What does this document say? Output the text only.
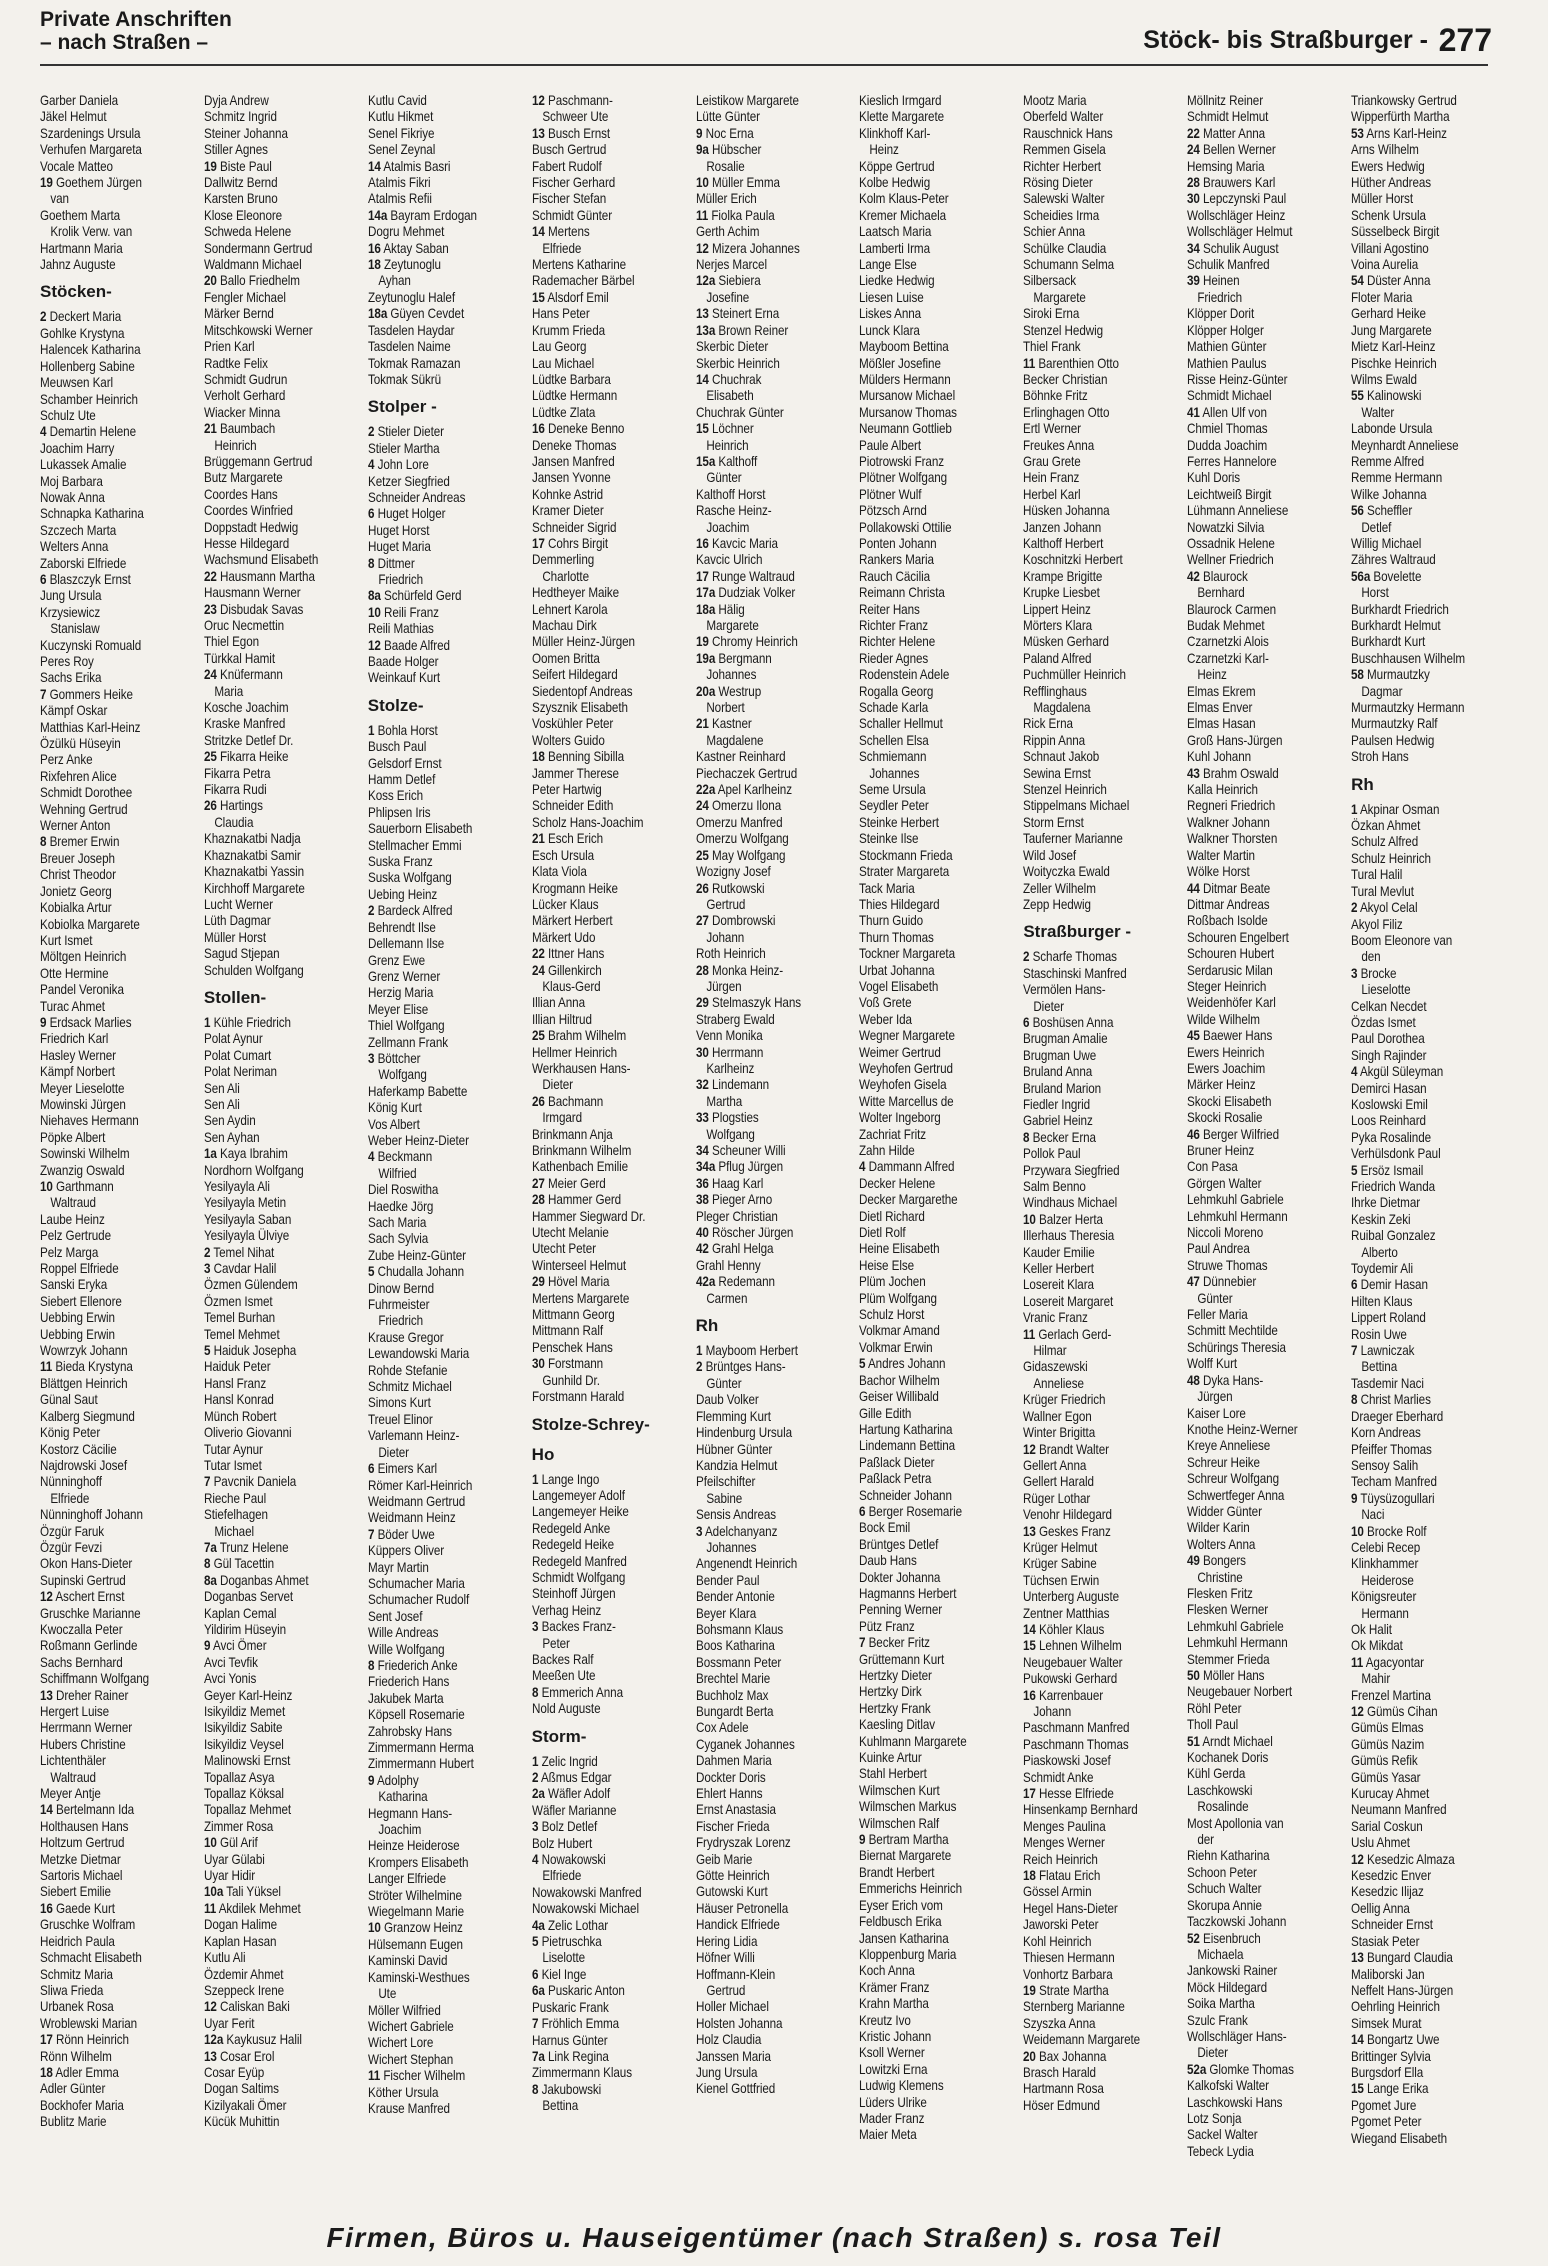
Private Anschriften
– nach Straßen –	Stöck- bis Straßburger - 277
Garber Daniela
Jäkel Helmut
Szardenings Ursula
Verhufen Margareta
Vocale Matteo
19 Goethem Jürgen
van
Goethem Marta
Krolik Verw. van
Hartmann Maria
Jahnz Auguste
Stöcken-
2 Deckert Maria
Gohlke Krystyna
Halencek Katharina
Hollenberg Sabine
Meuwsen Karl
Schamber Heinrich
Schulz Ute
4 Demartin Helene
Joachim Harry
Lukassek Amalie
Moj Barbara
Nowak Anna
Schnapka Katharina
Szczech Marta
Welters Anna
Zaborski Elfriede
6 Blaszczyk Ernst
Jung Ursula
Krzysiewicz
Stanislaw
Kuczynski Romuald
Peres Roy
Sachs Erika
7 Gommers Heike
Kämpf Oskar
Matthias Karl-Heinz
Özülkü Hüseyin
Perz Anke
Rixfehren Alice
Schmidt Dorothee
Wehning Gertrud
Werner Anton
8 Bremer Erwin
Breuer Joseph
Christ Theodor
Jonietz Georg
Kobialka Artur
Kobiolka Margarete
Kurt Ismet
Möltgen Heinrich
Otte Hermine
Pandel Veronika
Turac Ahmet
9 Erdsack Marlies
Friedrich Karl
Hasley Werner
Kämpf Norbert
Meyer Lieselotte
Mowinski Jürgen
Niehaves Hermann
Pöpke Albert
Sowinski Wilhelm
Zwanzig Oswald
10 Garthmann
Waltraud
Laube Heinz
Pelz Gertrude
Pelz Marga
Roppel Elfriede
Sanski Eryka
Siebert Ellenore
Uebbing Erwin
Uebbing Erwin
Wowrzyk Johann
11 Bieda Krystyna
Blättgen Heinrich
Günal Saut
Kalberg Siegmund
König Peter
Kostorz Cäcilie
Najdrowski Josef
Nünninghoff
Elfriede
Nünninghoff Johann
Özgür Faruk
Özgür Fevzi
Okon Hans-Dieter
Supinski Gertrud
12 Aschert Ernst
Gruschke Marianne
Kwoczalla Peter
Roßmann Gerlinde
Sachs Bernhard
Schiffmann Wolfgang
13 Dreher Rainer
Hergert Luise
Herrmann Werner
Hubers Christine
Lichtenthäler
Waltraud
Meyer Antje
14 Bertelmann Ida
Holthausen Hans
Holtzum Gertrud
Metzke Dietmar
Sartoris Michael
Siebert Emilie
16 Gaede Kurt
Gruschke Wolfram
Heidrich Paula
Schmacht Elisabeth
Schmitz Maria
Sliwa Frieda
Urbanek Rosa
Wroblewski Marian
17 Rönn Heinrich
Rönn Wilhelm
18 Adler Emma
Adler Günter
Bockhofer Maria
Bublitz Marie
Dyja Andrew
Schmitz Ingrid
Steiner Johanna
Stiller Agnes
19 Biste Paul
Dallwitz Bernd
Karsten Bruno
Klose Eleonore
Schweda Helene
Sondermann Gertrud
Waldmann Michael
20 Ballo Friedhelm
Fengler Michael
Märker Bernd
Mitschkowski Werner
Prien Karl
Radtke Felix
Schmidt Gudrun
Verholt Gerhard
Wiacker Minna
21 Baumbach
Heinrich
Brüggemann Gertrud
Butz Margarete
Coordes Hans
Coordes Winfried
Doppstadt Hedwig
Hesse Hildegard
Wachsmund Elisabeth
22 Hausmann Martha
Hausmann Werner
23 Disbudak Savas
Oruc Necmettin
Thiel Egon
Türkkal Hamit
24 Knüfermann
Maria
Kosche Joachim
Kraske Manfred
Stritzke Detlef Dr.
25 Fikarra Heike
Fikarra Petra
Fikarra Rudi
26 Hartings
Claudia
Khaznakatbi Nadja
Khaznakatbi Samir
Khaznakatbi Yassin
Kirchhoff Margarete
Lucht Werner
Lüth Dagmar
Müller Horst
Sagud Stjepan
Schulden Wolfgang
Stollen-
1 Kühle Friedrich
Polat Aynur
Polat Cumart
Polat Neriman
Sen Ali
Sen Ali
Sen Aydin
Sen Ayhan
1a Kaya Ibrahim
Nordhorn Wolfgang
Yesilyayla Ali
Yesilyayla Metin
Yesilyayla Saban
Yesilyayla Ülviye
2 Temel Nihat
3 Cavdar Halil
Özmen Gülendem
Özmen Ismet
Temel Burhan
Temel Mehmet
5 Haiduk Josepha
Haiduk Peter
Hansl Franz
Hansl Konrad
Münch Robert
Oliverio Giovanni
Tutar Aynur
Tutar Ismet
7 Pavcnik Daniela
Rieche Paul
Stiefelhagen
Michael
7a Trunz Helene
8 Gül Tacettin
8a Doganbas Ahmet
Doganbas Servet
Kaplan Cemal
Yildirim Hüseyin
9 Avci Ömer
Avci Tevfik
Avci Yonis
Geyer Karl-Heinz
Isikyildiz Memet
Isikyildiz Sabite
Isikyildiz Veysel
Malinowski Ernst
Topallaz Asya
Topallaz Köksal
Topallaz Mehmet
Zimmer Rosa
10 Gül Arif
Uyar Gülabi
Uyar Hidir
10a Tali Yüksel
11 Akdilek Mehmet
Dogan Halime
Kaplan Hasan
Kutlu Ali
Özdemir Ahmet
Szeppeck Irene
12 Caliskan Baki
Uyar Ferit
12a Kaykusuz Halil
13 Cosar Erol
Cosar Eyüp
Dogan Saltims
Kizilyakali Ömer
Kücük Muhittin
Kutlu Cavid
Kutlu Hikmet
Senel Fikriye
Senel Zeynal
14 Atalmis Basri
Atalmis Fikri
Atalmis Refii
14a Bayram Erdogan
Dogru Mehmet
16 Aktay Saban
18 Zeytunoglu
Ayhan
Zeytunoglu Halef
18a Güyen Cevdet
Tasdelen Haydar
Tasdelen Naime
Tokmak Ramazan
Tokmak Sükrü
Stolper -
2 Stieler Dieter
Stieler Martha
4 John Lore
Ketzer Siegfried
Schneider Andreas
6 Huget Holger
Huget Horst
Huget Maria
8 Dittmer
Friedrich
8a Schürfeld Gerd
10 Reili Franz
Reili Mathias
12 Baade Alfred
Baade Holger
Weinkauf Kurt
Stolze-
1 Bohla Horst
Busch Paul
Gelsdorf Ernst
Hamm Detlef
Koss Erich
Phlipsen Iris
Sauerborn Elisabeth
Stellmacher Emmi
Suska Franz
Suska Wolfgang
Uebing Heinz
2 Bardeck Alfred
Behrendt Ilse
Dellemann Ilse
Grenz Ewe
Grenz Werner
Herzig Maria
Meyer Elise
Thiel Wolfgang
Zellmann Frank
3 Böttcher
Wolfgang
Haferkamp Babette
König Kurt
Vos Albert
Weber Heinz-Dieter
4 Beckmann
Wilfried
Diel Roswitha
Haedke Jörg
Sach Maria
Sach Sylvia
Zube Heinz-Günter
5 Chudalla Johann
Dinow Bernd
Fuhrmeister
Friedrich
Krause Gregor
Lewandowski Maria
Rohde Stefanie
Schmitz Michael
Simons Kurt
Treuel Elinor
Varlemann Heinz-
Dieter
6 Eimers Karl
Römer Karl-Heinrich
Weidmann Gertrud
Weidmann Heinz
7 Böder Uwe
Küppers Oliver
Mayr Martin
Schumacher Maria
Schumacher Rudolf
Sent Josef
Wille Andreas
Wille Wolfgang
8 Friederich Anke
Friederich Hans
Jakubek Marta
Köpsell Rosemarie
Zahrobsky Hans
Zimmermann Herma
Zimmermann Hubert
9 Adolphy
Katharina
Hegmann Hans-
Joachim
Heinze Heiderose
Krompers Elisabeth
Langer Elfriede
Ströter Wilhelmine
Wiegelmann Marie
10 Granzow Heinz
Hülsemann Eugen
Kaminski David
Kaminski-Westhues
Ute
Möller Wilfried
Wichert Gabriele
Wichert Lore
Wichert Stephan
11 Fischer Wilhelm
Köther Ursula
Krause Manfred
12 Paschmann-
Schweer Ute
13 Busch Ernst
Busch Gertrud
Fabert Rudolf
Fischer Gerhard
Fischer Stefan
Schmidt Günter
14 Mertens
Elfriede
Mertens Katharine
Rademacher Bärbel
15 Alsdorf Emil
Hans Peter
Krumm Frieda
Lau Georg
Lau Michael
Lüdtke Barbara
Lüdtke Hermann
Lüdtke Zlata
16 Deneke Benno
Deneke Thomas
Jansen Manfred
Jansen Yvonne
Kohnke Astrid
Kramer Dieter
Schneider Sigrid
17 Cohrs Birgit
Demmerling
Charlotte
Hedtheyer Maike
Lehnert Karola
Machau Dirk
Müller Heinz-Jürgen
Oomen Britta
Seifert Hildegard
Siedentopf Andreas
Szysznik Elisabeth
Voskühler Peter
Wolters Guido
18 Benning Sibilla
Jammer Therese
Peter Hartwig
Schneider Edith
Scholz Hans-Joachim
21 Esch Erich
Esch Ursula
Klata Viola
Krogmann Heike
Lücker Klaus
Märkert Herbert
Märkert Udo
22 Ittner Hans
24 Gillenkirch
Klaus-Gerd
Illian Anna
Illian Hiltrud
25 Brahm Wilhelm
Hellmer Heinrich
Werkhausen Hans-
Dieter
26 Bachmann
Irmgard
Brinkmann Anja
Brinkmann Wilhelm
Kathenbach Emilie
27 Meier Gerd
28 Hammer Gerd
Hammer Siegward Dr.
Utecht Melanie
Utecht Peter
Winterseel Helmut
29 Hövel Maria
Mertens Margarete
Mittmann Georg
Mittmann Ralf
Penschek Hans
30 Forstmann
Gunhild Dr.
Forstmann Harald
Stolze-Schrey-
Ho
1 Lange Ingo
Langemeyer Adolf
Langemeyer Heike
Redegeld Anke
Redegeld Heike
Redegeld Manfred
Schmidt Wolfgang
Steinhoff Jürgen
Verhag Heinz
3 Backes Franz-
Peter
Backes Ralf
Meeßen Ute
8 Emmerich Anna
Nold Auguste
Storm-
1 Zelic Ingrid
2 Aßmus Edgar
2a Wäfler Adolf
Wäfler Marianne
3 Bolz Detlef
Bolz Hubert
4 Nowakowski
Elfriede
Nowakowski Manfred
Nowakowski Michael
4a Zelic Lothar
5 Pietruschka
Liselotte
6 Kiel Inge
6a Puskaric Anton
Puskaric Frank
7 Fröhlich Emma
Harnus Günter
7a Link Regina
Zimmermann Klaus
8 Jakubowski
Bettina
Leistikow Margarete
Lütte Günter
9 Noc Erna
9a Hübscher
Rosalie
10 Müller Emma
Müller Erich
11 Fiolka Paula
Gerth Achim
12 Mizera Johannes
Nerjes Marcel
12a Siebiera
Josefine
13 Steinert Erna
13a Brown Reiner
Skerbic Dieter
Skerbic Heinrich
14 Chuchrak
Elisabeth
Chuchrak Günter
15 Löchner
Heinrich
15a Kalthoff
Günter
Kalthoff Horst
Rasche Heinz-
Joachim
16 Kavcic Maria
Kavcic Ulrich
17 Runge Waltraud
17a Dudziak Volker
18a Hälig
Margarete
19 Chromy Heinrich
19a Bergmann
Johannes
20a Westrup
Norbert
21 Kastner
Magdalene
Kastner Reinhard
Piechaczek Gertrud
22a Apel Karlheinz
24 Omerzu Ilona
Omerzu Manfred
Omerzu Wolfgang
25 May Wolfgang
Wozigny Josef
26 Rutkowski
Gertrud
27 Dombrowski
Johann
Roth Heinrich
28 Monka Heinz-
Jürgen
29 Stelmaszyk Hans
Straberg Ewald
Venn Monika
30 Herrmann
Karlheinz
32 Lindemann
Martha
33 Plogsties
Wolfgang
34 Scheuner Willi
34a Pflug Jürgen
36 Haag Karl
38 Pieger Arno
Pleger Christian
40 Röscher Jürgen
42 Grahl Helga
Grahl Henny
42a Redemann
Carmen
Rh
1 Mayboom Herbert
2 Brüntges Hans-
Günter
Daub Volker
Flemming Kurt
Hindenburg Ursula
Hübner Günter
Kandzia Helmut
Pfeilschifter
Sabine
Sensis Andreas
3 Adelchanyanz
Johannes
Angenendt Heinrich
Bender Paul
Bender Antonie
Beyer Klara
Bohsmann Klaus
Boos Katharina
Bossmann Peter
Brechtel Marie
Buchholz Max
Bungardt Berta
Cox Adele
Cyganek Johannes
Dahmen Maria
Dockter Doris
Ehlert Hanns
Ernst Anastasia
Fischer Frieda
Frydryszak Lorenz
Geib Marie
Götte Heinrich
Gutowski Kurt
Häuser Petronella
Handick Elfriede
Hering Lidia
Höfner Willi
Hoffmann-Klein
Gertrud
Holler Michael
Holsten Johanna
Holz Claudia
Janssen Maria
Jung Ursula
Kienel Gottfried
Kieslich Irmgard
Klette Margarete
Klinkhoff Karl-
Heinz
Köppe Gertrud
Kolbe Hedwig
Kolm Klaus-Peter
Kremer Michaela
Laatsch Maria
Lamberti Irma
Lange Else
Liedke Hedwig
Liesen Luise
Liskes Anna
Lunck Klara
Mayboom Bettina
Mößler Josefine
Mülders Hermann
Mursanow Michael
Mursanow Thomas
Neumann Gottlieb
Paule Albert
Piotrowski Franz
Plötner Wolfgang
Plötner Wulf
Pötzsch Arnd
Pollakowski Ottilie
Ponten Johann
Rankers Maria
Rauch Cäcilia
Reimann Christa
Reiter Hans
Richter Franz
Richter Helene
Rieder Agnes
Rodenstein Adele
Rogalla Georg
Schade Karla
Schaller Hellmut
Schellen Elsa
Schmiemann
Johannes
Seme Ursula
Seydler Peter
Steinke Herbert
Steinke Ilse
Stockmann Frieda
Strater Margareta
Tack Maria
Thies Hildegard
Thurn Guido
Thurn Thomas
Tockner Margareta
Urbat Johanna
Vogel Elisabeth
Voß Grete
Weber Ida
Wegner Margarete
Weimer Gertrud
Weyhofen Gertrud
Weyhofen Gisela
Witte Marcellus de
Wolter Ingeborg
Zachriat Fritz
Zahn Hilde
4 Dammann Alfred
Decker Helene
Decker Margarethe
Dietl Richard
Dietl Rolf
Heine Elisabeth
Heise Else
Plüm Jochen
Plüm Wolfgang
Schulz Horst
Volkmar Amand
Volkmar Erwin
5 Andres Johann
Bachor Wilhelm
Geiser Willibald
Gille Edith
Hartung Katharina
Lindemann Bettina
Paßlack Dieter
Paßlack Petra
Schneider Johann
6 Berger Rosemarie
Bock Emil
Brüntges Detlef
Daub Hans
Dokter Johanna
Hagmanns Herbert
Penning Werner
Pütz Franz
7 Becker Fritz
Grüttemann Kurt
Hertzky Dieter
Hertzky Dirk
Hertzky Frank
Kaesling Ditlav
Kuhlmann Margarete
Kuinke Artur
Stahl Herbert
Wilmschen Kurt
Wilmschen Markus
Wilmschen Ralf
9 Bertram Martha
Biernat Margarete
Brandt Herbert
Emmerichs Heinrich
Eyser Erich vom
Feldbusch Erika
Jansen Katharina
Kloppenburg Maria
Koch Anna
Krämer Franz
Krahn Martha
Kreutz Ivo
Kristic Johann
Ksoll Werner
Lowitzki Erna
Ludwig Klemens
Lüders Ulrike
Mader Franz
Maier Meta
Mootz Maria
Oberfeld Walter
Rauschnick Hans
Remmen Gisela
Richter Herbert
Rösing Dieter
Salewski Walter
Scheidies Irma
Schier Anna
Schülke Claudia
Schumann Selma
Silbersack
Margarete
Siroki Erna
Stenzel Hedwig
Thiel Frank
11 Barenthien Otto
Becker Christian
Böhnke Fritz
Erlinghagen Otto
Ertl Werner
Freukes Anna
Grau Grete
Hein Franz
Herbel Karl
Hüsken Johanna
Janzen Johann
Kalthoff Herbert
Koschnitzki Herbert
Krampe Brigitte
Krupke Liesbet
Lippert Heinz
Mörters Klara
Müsken Gerhard
Paland Alfred
Puchmüller Heinrich
Refflinghaus
Magdalena
Rick Erna
Rippin Anna
Schnaut Jakob
Sewina Ernst
Stenzel Heinrich
Stippelmans Michael
Storm Ernst
Tauferner Marianne
Wild Josef
Woityczka Ewald
Zeller Wilhelm
Zepp Hedwig
Straßburger -
2 Scharfe Thomas
Staschinski Manfred
Vermölen Hans-
Dieter
6 Boshüsen Anna
Brugman Amalie
Brugman Uwe
Bruland Anna
Bruland Marion
Fiedler Ingrid
Gabriel Heinz
8 Becker Erna
Pollok Paul
Przywara Siegfried
Salm Benno
Windhaus Michael
10 Balzer Herta
Illerhaus Theresia
Kauder Emilie
Keller Herbert
Losereit Klara
Losereit Margaret
Vranic Franz
11 Gerlach Gerd-
Hilmar
Gidaszewski
Anneliese
Krüger Friedrich
Wallner Egon
Winter Brigitta
12 Brandt Walter
Gellert Anna
Gellert Harald
Rüger Lothar
Venohr Hildegard
13 Geskes Franz
Krüger Helmut
Krüger Sabine
Tüchsen Erwin
Unterberg Auguste
Zentner Matthias
14 Köhler Klaus
15 Lehnen Wilhelm
Neugebauer Walter
Pukowski Gerhard
16 Karrenbauer
Johann
Paschmann Manfred
Paschmann Thomas
Piaskowski Josef
Schmidt Anke
17 Hesse Elfriede
Hinsenkamp Bernhard
Menges Paulina
Menges Werner
Reich Heinrich
18 Flatau Erich
Gössel Armin
Hegel Hans-Dieter
Jaworski Peter
Kohl Heinrich
Thiesen Hermann
Vonhortz Barbara
19 Strate Martha
Sternberg Marianne
Szyszka Anna
Weidemann Margarete
20 Bax Johanna
Brasch Harald
Hartmann Rosa
Höser Edmund
Möllnitz Reiner
Schmidt Helmut
22 Matter Anna
24 Bellen Werner
Hemsing Maria
28 Brauwers Karl
30 Lepczynski Paul
Wollschläger Heinz
Wollschläger Helmut
34 Schulik August
Schulik Manfred
39 Heinen
Friedrich
Klöpper Dorit
Klöpper Holger
Mathien Günter
Mathien Paulus
Risse Heinz-Günter
Schmidt Michael
41 Allen Ulf von
Chmiel Thomas
Dudda Joachim
Ferres Hannelore
Kuhl Doris
Leichtweiß Birgit
Lühmann Anneliese
Nowatzki Silvia
Ossadnik Helene
Wellner Friedrich
42 Blaurock
Bernhard
Blaurock Carmen
Budak Mehmet
Czarnetzki Alois
Czarnetzki Karl-
Heinz
Elmas Ekrem
Elmas Enver
Elmas Hasan
Groß Hans-Jürgen
Kuhl Johann
43 Brahm Oswald
Kalla Heinrich
Regneri Friedrich
Walkner Johann
Walkner Thorsten
Walter Martin
Wölke Horst
44 Ditmar Beate
Dittmar Andreas
Roßbach Isolde
Schouren Engelbert
Schouren Hubert
Serdarusic Milan
Steger Heinrich
Weidenhöfer Karl
Wilde Wilhelm
45 Baewer Hans
Ewers Heinrich
Ewers Joachim
Märker Heinz
Skocki Elisabeth
Skocki Rosalie
46 Berger Wilfried
Bruner Heinz
Con Pasa
Görgen Walter
Lehmkuhl Gabriele
Lehmkuhl Hermann
Niccoli Moreno
Paul Andrea
Struwe Thomas
47 Dünnebier
Günter
Feller Maria
Schmitt Mechtilde
Schürings Theresia
Wolff Kurt
48 Dyka Hans-
Jürgen
Kaiser Lore
Knothe Heinz-Werner
Kreye Anneliese
Schreur Heike
Schreur Wolfgang
Schwertfeger Anna
Widder Günter
Wilder Karin
Wolters Anna
49 Bongers
Christine
Flesken Fritz
Flesken Werner
Lehmkuhl Gabriele
Lehmkuhl Hermann
Stemmer Frieda
50 Möller Hans
Neugebauer Norbert
Röhl Peter
Tholl Paul
51 Arndt Michael
Kochanek Doris
Kühl Gerda
Laschkowski
Rosalinde
Most Apollonia van
der
Riehn Katharina
Schoon Peter
Schuch Walter
Skorupa Annie
Taczkowski Johann
52 Eisenbruch
Michaela
Jankowski Rainer
Möck Hildegard
Soika Martha
Szulc Frank
Wollschläger Hans-
Dieter
52a Glomke Thomas
Kalkofski Walter
Laschkowski Hans
Lotz Sonja
Sackel Walter
Tebeck Lydia
Triankowsky Gertrud
Wipperfürth Martha
53 Arns Karl-Heinz
Arns Wilhelm
Ewers Hedwig
Hüther Andreas
Müller Horst
Schenk Ursula
Süsselbeck Birgit
Villani Agostino
Voina Aurelia
54 Düster Anna
Floter Maria
Gerhard Heike
Jung Margarete
Mietz Karl-Heinz
Pischke Heinrich
Wilms Ewald
55 Kalinowski
Walter
Labonde Ursula
Meynhardt Anneliese
Remme Alfred
Remme Hermann
Wilke Johanna
56 Scheffler
Detlef
Willig Michael
Zähres Waltraud
56a Bovelette
Horst
Burkhardt Friedrich
Burkhardt Helmut
Burkhardt Kurt
Buschhausen Wilhelm
58 Murmautzky
Dagmar
Murmautzky Hermann
Murmautzky Ralf
Paulsen Hedwig
Stroh Hans
Rh
1 Akpinar Osman
Özkan Ahmet
Schulz Alfred
Schulz Heinrich
Tural Halil
Tural Mevlut
2 Akyol Celal
Akyol Filiz
Boom Eleonore van
den
3 Brocke
Lieselotte
Celkan Necdet
Özdas Ismet
Paul Dorothea
Singh Rajinder
4 Akgül Süleyman
Demirci Hasan
Koslowski Emil
Loos Reinhard
Pyka Rosalinde
Verhülsdonk Paul
5 Ersöz Ismail
Friedrich Wanda
Ihrke Dietmar
Keskin Zeki
Ruibal Gonzalez
Alberto
Toydemir Ali
6 Demir Hasan
Hilten Klaus
Lippert Roland
Rosin Uwe
7 Lawniczak
Bettina
Tasdemir Naci
8 Christ Marlies
Draeger Eberhard
Korn Andreas
Pfeiffer Thomas
Sensoy Salih
Techam Manfred
9 Tüysüzogullari
Naci
10 Brocke Rolf
Celebi Recep
Klinkhammer
Heiderose
Königsreuter
Hermann
Ok Halit
Ok Mikdat
11 Agacyontar
Mahir
Frenzel Martina
12 Gümüs Cihan
Gümüs Elmas
Gümüs Nazim
Gümüs Refik
Gümüs Yasar
Kurucay Ahmet
Neumann Manfred
Sarial Coskun
Uslu Ahmet
12 Kesedzic Almaza
Kesedzic Enver
Kesedzic Ilijaz
Oellig Anna
Schneider Ernst
Stasiak Peter
13 Bungard Claudia
Maliborski Jan
Neffelt Hans-Jürgen
Oehrling Heinrich
Simsek Murat
14 Bongartz Uwe
Brittinger Sylvia
Burgsdorf Ella
15 Lange Erika
Pgomet Jure
Pgomet Peter
Wiegand Elisabeth
Firmen, Büros u. Hauseigentümer (nach Straßen) s. rosa Teil
